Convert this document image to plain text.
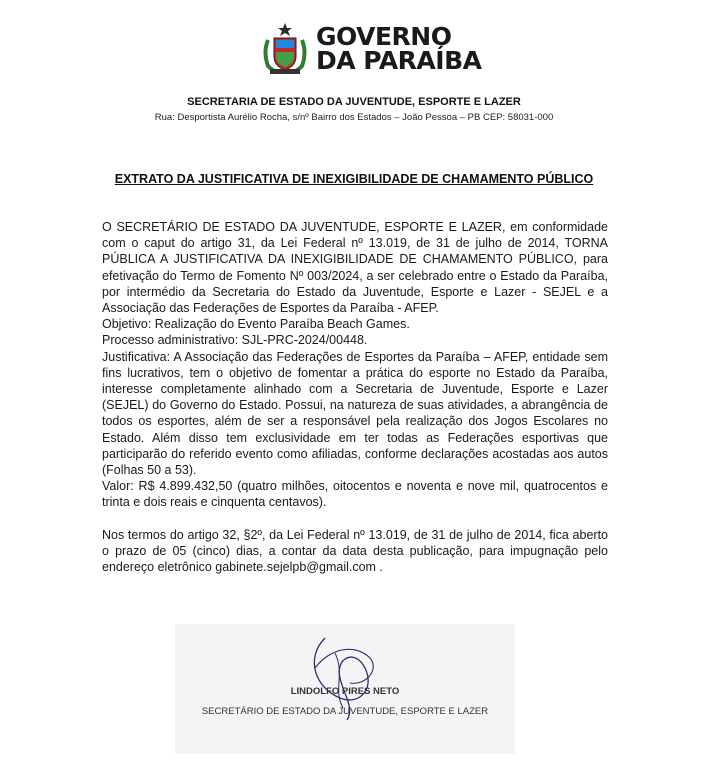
GOVERNO
DA PARAÍBA
SECRETARIA DE ESTADO DA JUVENTUDE, ESPORTE E LAZER
Rua: Desportista Aurélio Rocha, s/nº Bairro dos Estados – João Pessoa – PB CEP: 58031-000
EXTRATO DA JUSTIFICATIVA DE INEXIGIBILIDADE DE CHAMAMENTO PÚBLICO

O SECRETÁRIO DE ESTADO DA JUVENTUDE, ESPORTE E LAZER, em conformidade com o caput do artigo 31, da Lei Federal nº 13.019, de 31 de julho de 2014, TORNA PÚBLICA A JUSTIFICATIVA DA INEXIGIBILIDADE DE CHAMAMENTO PÚBLICO, para efetivação do Termo de Fomento Nº 003/2024, a ser celebrado entre o Estado da Paraíba, por intermédio da Secretaria do Estado da Juventude, Esporte e Lazer - SEJEL e a Associação das Federações de Esportes da Paraíba - AFEP.

Objetivo: Realização do Evento Paraíba Beach Games.

Processo administrativo: SJL-PRC-2024/00448.

Justificativa: A Associação das Federações de Esportes da Paraíba – AFEP, entidade sem fins lucrativos, tem o objetivo de fomentar a prática do esporte no Estado da Paraíba, interesse completamente alinhado com a Secretaria de Juventude, Esporte e Lazer (SEJEL) do Governo do Estado. Possui, na natureza de suas atividades, a abrangência de todos os esportes, além de ser a responsável pela realização dos Jogos Escolares no Estado. Além disso tem exclusividade em ter todas as Federações esportivas que participarão do referido evento como afiliadas, conforme declarações acostadas aos autos (Folhas 50 a 53).

Valor: R$ 4.899.432,50 (quatro milhões, oitocentos e noventa e nove mil, quatrocentos e trinta e dois reais e cinquenta centavos).

Nos termos do artigo 32, §2º, da Lei Federal nº 13.019, de 31 de julho de 2014, fica aberto o prazo de 05 (cinco) dias, a contar da data desta publicação, para impugnação pelo endereço eletrônico gabinete.sejelpb@gmail.com .

LINDOLFO PIRES NETO
SECRETÁRIO DE ESTADO DA JUVENTUDE, ESPORTE E LAZER
